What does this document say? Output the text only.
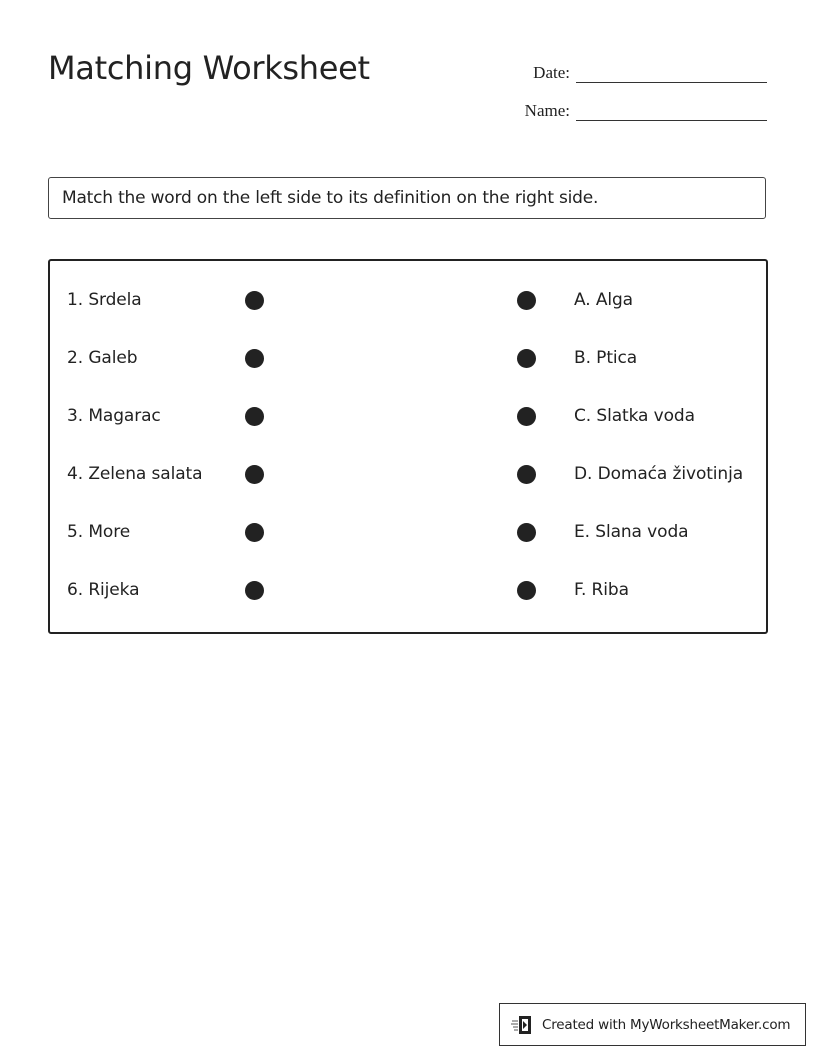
Matching Worksheet	Date:
Name:
Match the word on the left side to its definition on the right side.
1. Srdela	A. Alga
2. Galeb	B. Ptica
3. Magarac	C. Slatka voda
4. Zelena salata	D. Domaća životinja
5. More	E. Slana voda
6. Rijeka	F. Riba
Created with MyWorksheetMaker.com
